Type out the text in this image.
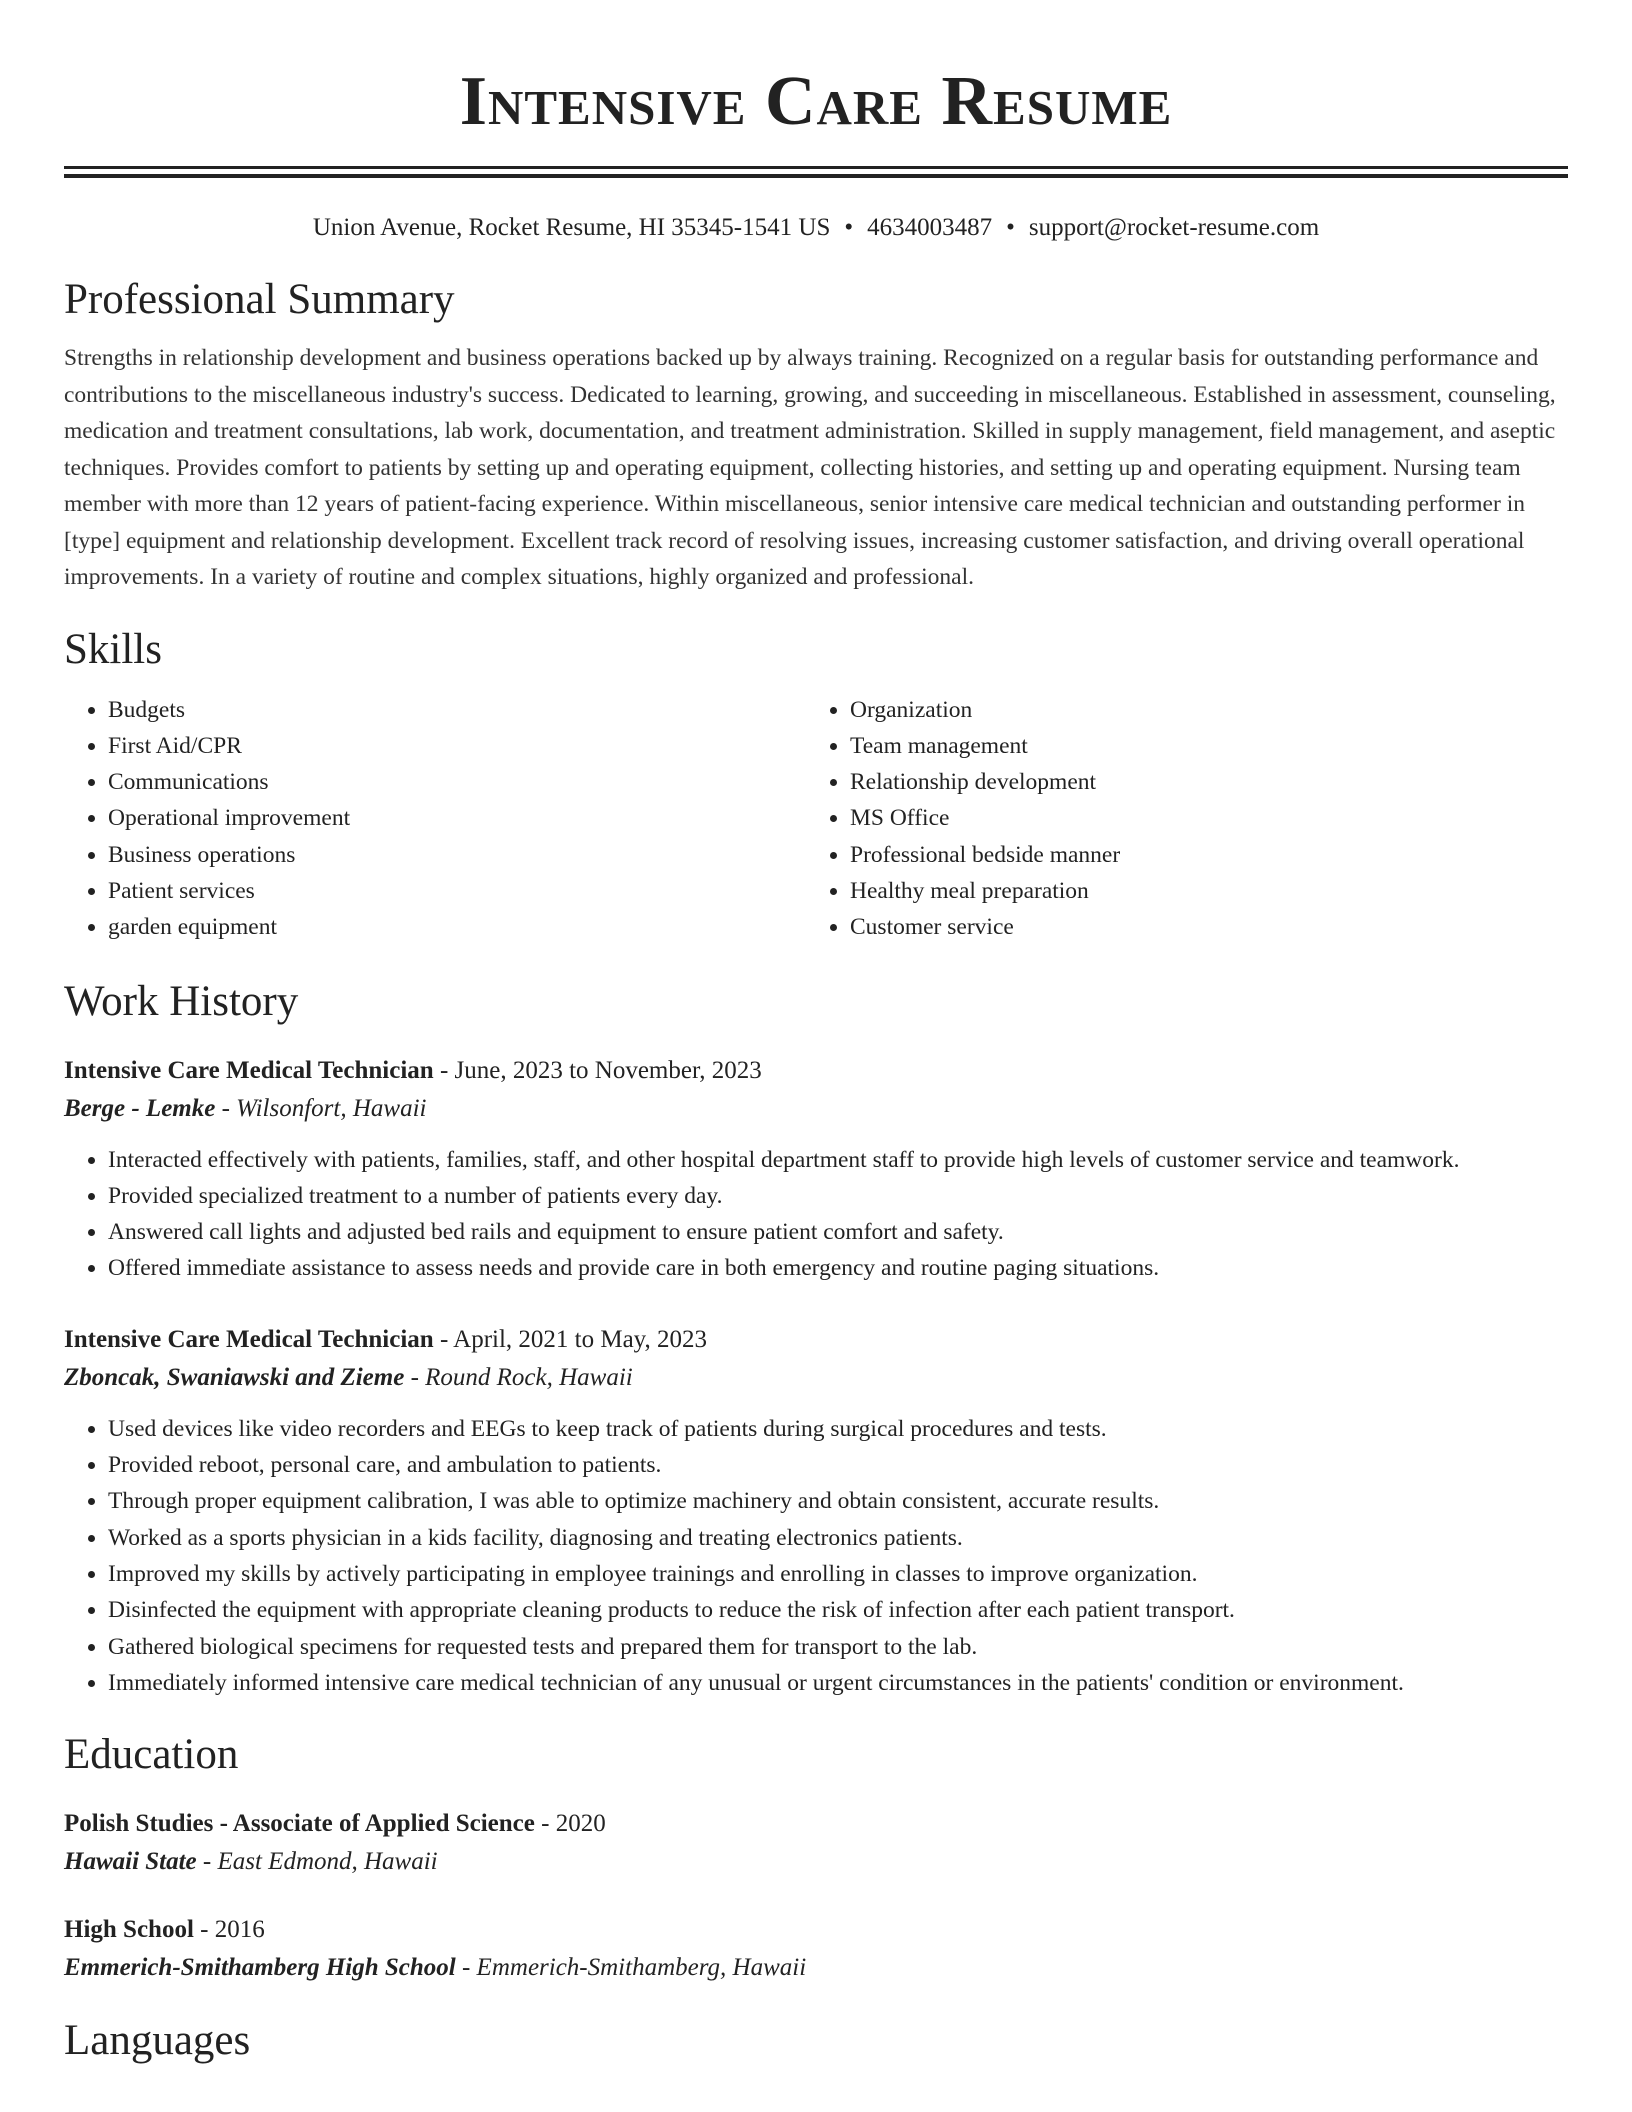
Intensive Care Resume
Union Avenue, Rocket Resume, HI 35345-1541 US • 4634003487 • support@rocket-resume.com
Professional Summary

Strengths in relationship development and business operations backed up by always training. Recognized on a regular basis for outstanding performance and contributions to the miscellaneous industry's success. Dedicated to learning, growing, and succeeding in miscellaneous. Established in assessment, counseling, medication and treatment consultations, lab work, documentation, and treatment administration. Skilled in supply management, field management, and aseptic techniques. Provides comfort to patients by setting up and operating equipment, collecting histories, and setting up and operating equipment. Nursing team member with more than 12 years of patient-facing experience. Within miscellaneous, senior intensive care medical technician and outstanding performer in [type] equipment and relationship development. Excellent track record of resolving issues, increasing customer satisfaction, and driving overall operational improvements. In a variety of routine and complex situations, highly organized and professional.

Skills
• Budgets
• First Aid/CPR
• Communications
• Operational improvement
• Business operations
• Patient services
• garden equipment
• Organization
• Team management
• Relationship development
• MS Office
• Professional bedside manner
• Healthy meal preparation
• Customer service
Work History
Intensive Care Medical Technician - June, 2023 to November, 2023
Berge - Lemke - Wilsonfort, Hawaii
• Interacted effectively with patients, families, staff, and other hospital department staff to provide high levels of customer service and teamwork.
• Provided specialized treatment to a number of patients every day.
• Answered call lights and adjusted bed rails and equipment to ensure patient comfort and safety.
• Offered immediate assistance to assess needs and provide care in both emergency and routine paging situations.
Intensive Care Medical Technician - April, 2021 to May, 2023
Zboncak, Swaniawski and Zieme - Round Rock, Hawaii
• Used devices like video recorders and EEGs to keep track of patients during surgical procedures and tests.
• Provided reboot, personal care, and ambulation to patients.
• Through proper equipment calibration, I was able to optimize machinery and obtain consistent, accurate results.
• Worked as a sports physician in a kids facility, diagnosing and treating electronics patients.
• Improved my skills by actively participating in employee trainings and enrolling in classes to improve organization.
• Disinfected the equipment with appropriate cleaning products to reduce the risk of infection after each patient transport.
• Gathered biological specimens for requested tests and prepared them for transport to the lab.
• Immediately informed intensive care medical technician of any unusual or urgent circumstances in the patients' condition or environment.
Education
Polish Studies - Associate of Applied Science - 2020
Hawaii State - East Edmond, Hawaii
High School - 2016
Emmerich-Smithamberg High School - Emmerich-Smithamberg, Hawaii
Languages
